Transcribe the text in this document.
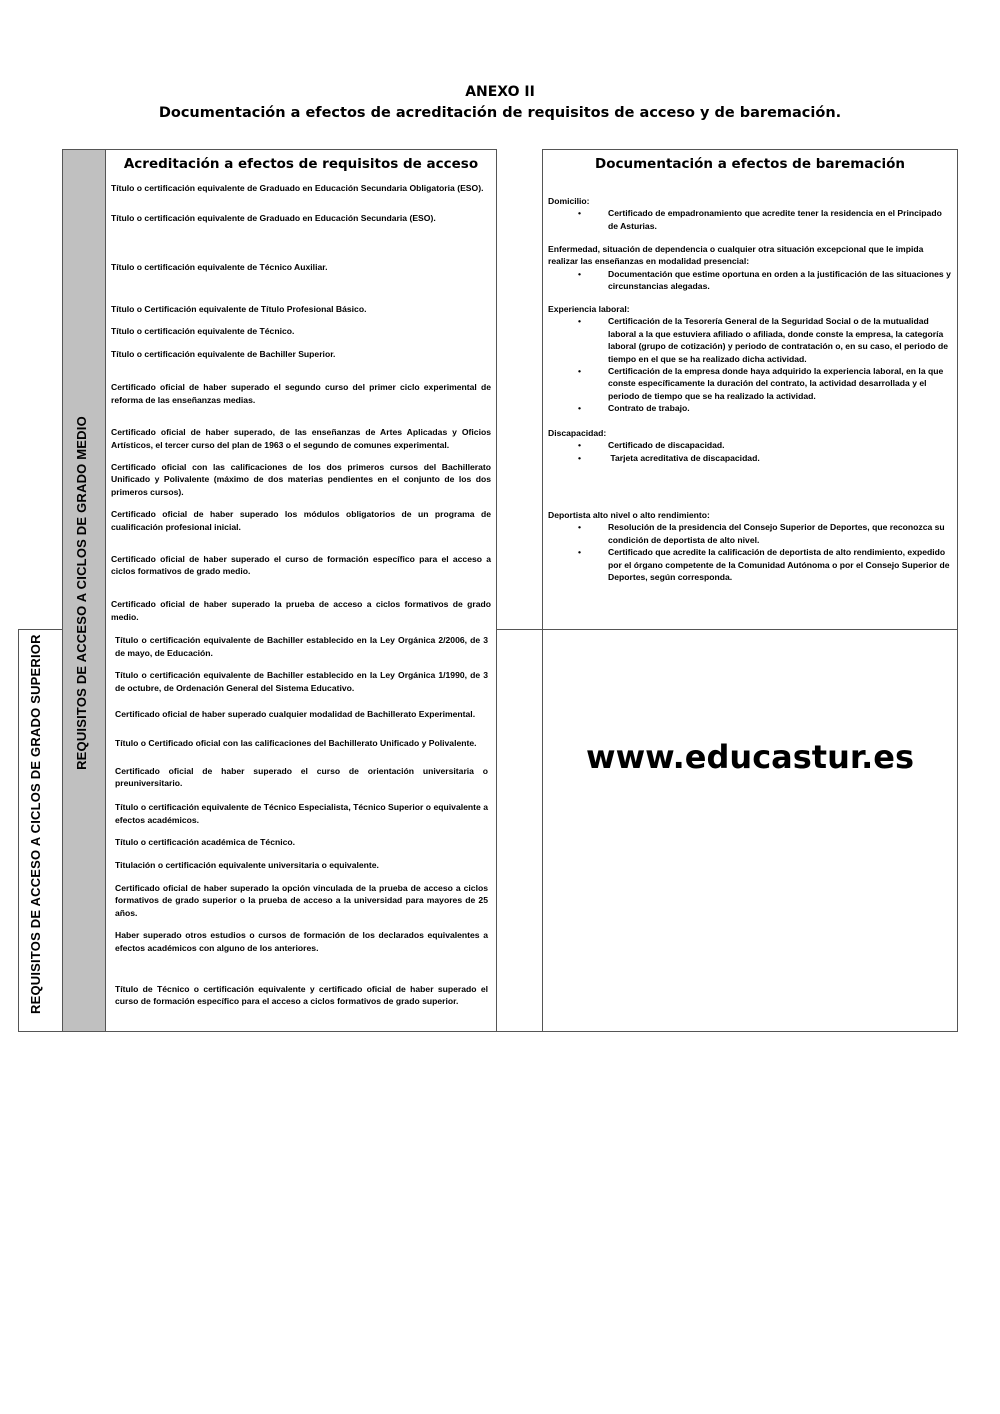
ANEXO II
Documentación a efectos de acreditación de requisitos de acceso y de baremación.
REQUISITOS DE ACCESO A CICLOS DE GRADO MEDIO
REQUISITOS DE ACCESO A CICLOS DE GRADO SUPERIOR
Acreditación a efectos de requisitos de acceso
Título o certificación equivalente de Graduado en Educación Secundaria Obligatoria (ESO).
Título o certificación equivalente de Graduado en Educación Secundaria (ESO).
Título o certificación equivalente de Técnico Auxiliar.
Título o Certificación equivalente de Título Profesional Básico.
Título o certificación equivalente de Técnico.
Título o certificación equivalente de Bachiller Superior.
Certificado oficial de haber superado el segundo curso del primer ciclo experimental de reforma de las enseñanzas medias.
Certificado oficial de haber superado, de las enseñanzas de Artes Aplicadas y Oficios Artísticos, el tercer curso del plan de 1963 o el segundo de comunes experimental.
Certificado oficial con las calificaciones de los dos primeros cursos del Bachillerato Unificado y Polivalente (máximo de dos materias pendientes en el conjunto de los dos primeros cursos).
Certificado oficial de haber superado los módulos obligatorios de un programa de cualificación profesional inicial.
Certificado oficial de haber superado el curso de formación específico para el acceso a ciclos formativos de grado medio.
Certificado oficial de haber superado la prueba de acceso a ciclos formativos de grado medio.
Título o certificación equivalente de Bachiller establecido en la Ley Orgánica 2/2006, de 3 de mayo, de Educación.
Título o certificación equivalente de Bachiller establecido en la Ley Orgánica 1/1990, de 3 de octubre, de Ordenación General del Sistema Educativo.
Certificado oficial de haber superado cualquier modalidad de Bachillerato Experimental.
Título o Certificado oficial con las calificaciones del Bachillerato Unificado y Polivalente.
Certificado oficial de haber superado el curso de orientación universitaria o preuniversitario.
Título o certificación equivalente de Técnico Especialista, Técnico Superior o equivalente a efectos académicos.
Título o certificación académica de Técnico.
Titulación o certificación equivalente universitaria o equivalente.
Certificado oficial de haber superado la opción vinculada de la prueba de acceso a ciclos formativos de grado superior o la prueba de acceso a la universidad para mayores de 25 años.
Haber superado otros estudios o cursos de formación de los declarados equivalentes a efectos académicos con alguno de los anteriores.
Título de Técnico o certificación equivalente y certificado oficial de haber superado el curso de formación específico para el acceso a ciclos formativos de grado superior.
Documentación a efectos de baremación
Domicilio:
•	Certificado de empadronamiento que acredite tener la residencia en el Principado de Asturias.
Enfermedad, situación de dependencia o cualquier otra situación excepcional que le impida realizar las enseñanzas en modalidad presencial:
•	Documentación que estime oportuna en orden a la justificación de las situaciones y circunstancias alegadas.
Experiencia laboral:
•	Certificación de la Tesorería General de la Seguridad Social o de la mutualidad laboral a la que estuviera afiliado o afiliada, donde conste la empresa, la categoría laboral (grupo de cotización) y periodo de contratación o, en su caso, el periodo de tiempo en el que se ha realizado dicha actividad.
•	Certificación de la empresa donde haya adquirido la experiencia laboral, en la que conste específicamente la duración del contrato, la actividad desarrollada y el periodo de tiempo que se ha realizado la actividad.
•	Contrato de trabajo.
Discapacidad:
•	Certificado de discapacidad.
•	Tarjeta acreditativa de discapacidad.
Deportista alto nivel o alto rendimiento:
•	Resolución de la presidencia del Consejo Superior de Deportes, que reconozca su condición de deportista de alto nivel.
•	Certificado que acredite la calificación de deportista de alto rendimiento, expedido por el órgano competente de la Comunidad Autónoma o por el Consejo Superior de Deportes, según corresponda.
www.educastur.es
